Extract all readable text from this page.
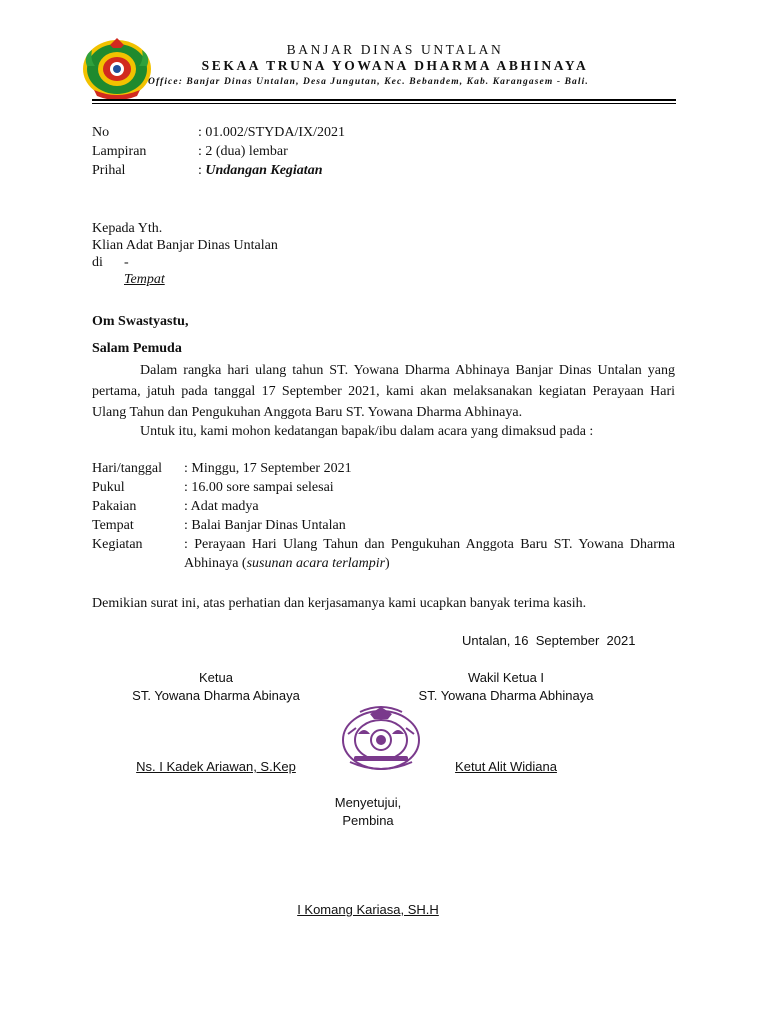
BANJAR DINAS UNTALAN
SEKAA TRUNA YOWANA DHARMA ABHINAYA
Office: Banjar Dinas Untalan, Desa Jungutan, Kec. Bebandem, Kab. Karangasem - Bali.
No	: 01.002/STYDA/IX/2021
Lampiran	: 2 (dua) lembar
Prihal	: Undangan Kegiatan
Kepada Yth.
Klian Adat Banjar Dinas Untalan
di -
Tempat
Om Swastyastu,
Salam Pemuda
Dalam rangka hari ulang tahun ST. Yowana Dharma Abhinaya Banjar Dinas Untalan yang pertama, jatuh pada tanggal 17 September 2021, kami akan melaksanakan kegiatan Perayaan Hari Ulang Tahun dan Pengukuhan Anggota Baru ST. Yowana Dharma Abhinaya.
Untuk itu, kami mohon kedatangan bapak/ibu dalam acara yang dimaksud pada :
Hari/tanggal : Minggu, 17 September 2021
Pukul	: 16.00 sore sampai selesai
Pakaian	: Adat madya
Tempat	: Balai Banjar Dinas Untalan
Kegiatan	: Perayaan Hari Ulang Tahun dan Pengukuhan Anggota Baru ST. Yowana Dharma Abhinaya (susunan acara terlampir)
Demikian surat ini, atas perhatian dan kerjasamanya kami ucapkan banyak terima kasih.
Untalan, 16  September  2021
Ketua
ST. Yowana Dharma Abinaya
Wakil Ketua I
ST. Yowana Dharma Abhinaya
Ns. I Kadek Ariawan, S.Kep	Ketut Alit Widiana
Menyetujui,
Pembina
I Komang Kariasa, SH.H
